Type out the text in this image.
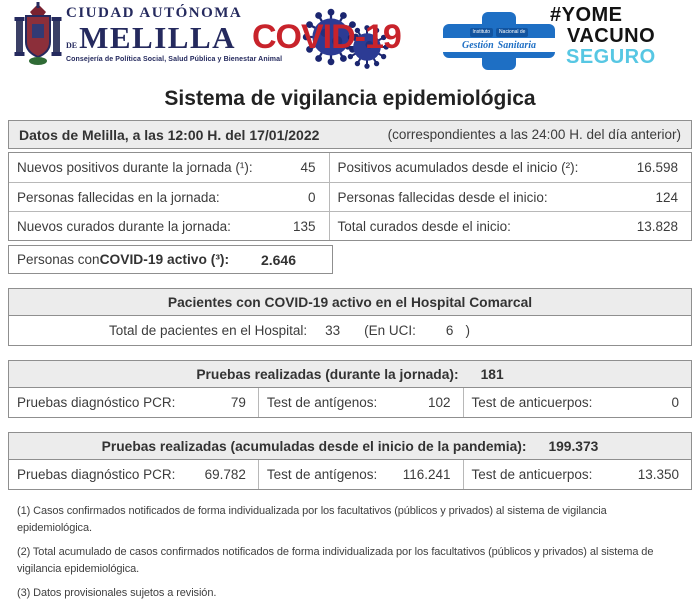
CIUDAD AUTÓNOMA
DE MELILLA
Consejería de Política Social, Salud Pública y Bienestar Animal
COVID-19	Instituto	Nacional de
Gestión Sanitaria
#YOME
VACUNO
SEGURO
Sistema de vigilancia epidemiológica
Datos de Melilla, a las 12:00 H. del 17/01/2022	(correspondientes a las 24:00 H. del día anterior)
Nuevos positivos durante la jornada (¹):	45 Positivos acumulados desde el inicio (²):	16.598
Personas fallecidas en la jornada:	0 Personas fallecidas desde el inicio:	124
Nuevos curados durante la jornada:	135 Total curados desde el inicio:	13.828
Personas con COVID-19 activo (³): 2.646
Pacientes con COVID-19 activo en el Hospital Comarcal
Total de pacientes en el Hospital: 33 (En UCI: 6 )
Pruebas realizadas (durante la jornada): 181
Pruebas diagnóstico PCR:	79 Test de antígenos:	102 Test de anticuerpos:	0
Pruebas realizadas (acumuladas desde el inicio de la pandemia): 199.373
Pruebas diagnóstico PCR: 69.782 Test de antígenos: 116.241 Test de anticuerpos:	13.350

(1) Casos confirmados notificados de forma individualizada por los facultativos (públicos y privados) al sistema de vigilancia epidemiológica.

(2) Total acumulado de casos confirmados notificados de forma individualizada por los facultativos (públicos y privados) al sistema de vigilancia epidemiológica.

(3) Datos provisionales sujetos a revisión.
